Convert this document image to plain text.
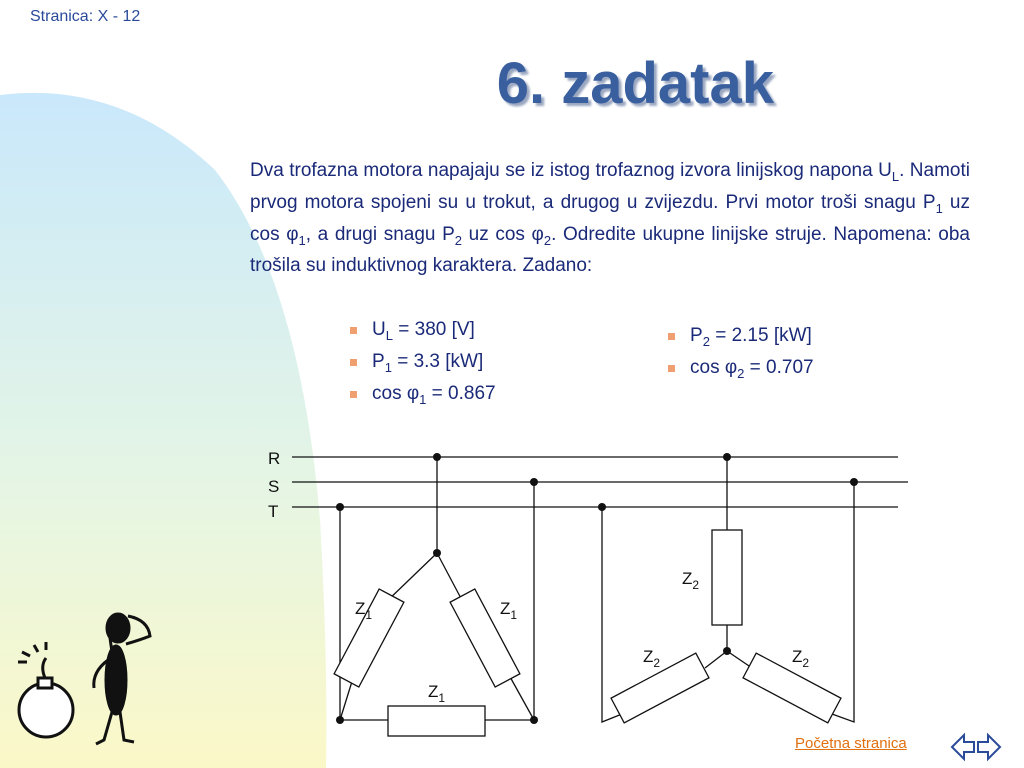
Stranica: X - 12
6. zadatak
Dva trofazna motora napajaju se iz istog trofaznog izvora linijskog napona $U_L$. Namoti prvog motora spojeni su u trokut, a drugog u zvijezdu. Prvi motor troši snagu $P_1$ uz $\cos \varphi_1$, a drugi snagu $P_2$ uz $\cos \varphi_2$. Odredite ukupne linijske struje. Napomena: oba trošila su induktivnog karaktera. Zadano:
$U_L = 380$ [V]
$P_1 = 3.3$ [kW]
$\cos \varphi_1 = 0.867$
$P_2 = 2.15$ [kW]
$\cos \varphi_2 = 0.707$
R
S
T
$Z_1$	$Z_1$
$Z_1$
$Z_2$
$Z_2$	$Z_2$
Početna stranica
